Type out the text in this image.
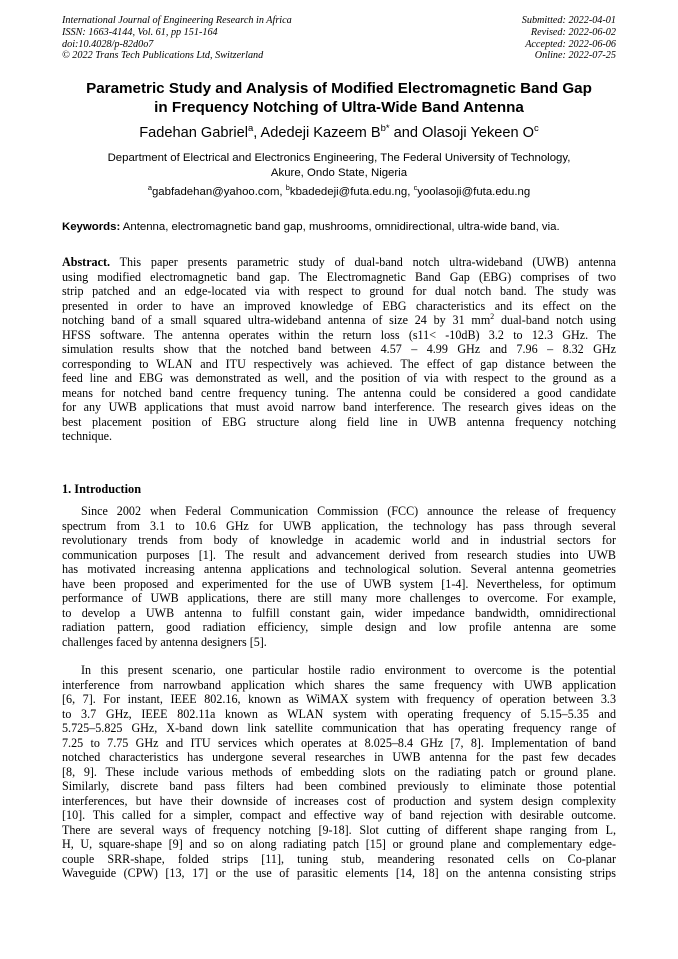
International Journal of Engineering Research in Africa
ISSN: 1663-4144, Vol. 61, pp 151-164
doi:10.4028/p-82d0o7
© 2022 Trans Tech Publications Ltd, Switzerland
Submitted: 2022-04-01
Revised: 2022-06-02
Accepted: 2022-06-06
Online: 2022-07-25
Parametric Study and Analysis of Modified Electromagnetic Band Gap
in Frequency Notching of Ultra-Wide Band Antenna
Fadehan Gabriel$^a$, Adedeji Kazeem $B^{b*}$ and Olasoji Yekeen $O^c$
Department of Electrical and Electronics Engineering, The Federal University of Technology,
Akure, Ondo State, Nigeria
$^a$gabfadehan@yahoo.com, $^b$kbadedeji@futa.edu.ng, $^c$yoolasoji@futa.edu.ng
Keywords: Antenna, electromagnetic band gap, mushrooms, omnidirectional, ultra-wide band, via.
Abstract. This paper presents parametric study of dual-band notch ultra-wideband (UWB) antenna
using modified electromagnetic band gap. The Electromagnetic Band Gap (EBG) comprises of two
strip patched and an edge-located via with respect to ground for dual notch band. The study was
presented in order to have an improved knowledge of EBG characteristics and its effect on the
notching band of a small squared ultra-wideband antenna of size 24 by 31 $mm^2$ dual-band notch using
HFSS software. The antenna operates within the return loss (s11< -10dB) 3.2 to 12.3 GHz. The
simulation results show that the notched band between 4.57 – 4.99 GHz and 7.96 – 8.32 GHz
corresponding to WLAN and ITU respectively was achieved. The effect of gap distance between the
feed line and EBG was demonstrated as well, and the position of via with respect to the ground as a
means for notched band centre frequency tuning. The antenna could be considered a good candidate
for any UWB applications that must avoid narrow band interference. The research gives ideas on the
best placement position of EBG structure along field line in UWB antenna frequency notching
technique.
1. Introduction
Since 2002 when Federal Communication Commission (FCC) announce the release of frequency
spectrum from 3.1 to 10.6 GHz for UWB application, the technology has pass through several
revolutionary trends from body of knowledge in academic world and in industrial sectors for
communication purposes [1]. The result and advancement derived from research studies into UWB
has motivated increasing antenna applications and technological solution. Several antenna geometries
have been proposed and experimented for the use of UWB system [1-4]. Nevertheless, for optimum
performance of UWB applications, there are still many more challenges to overcome. For example,
to develop a UWB antenna to fulfill constant gain, wider impedance bandwidth, omnidirectional
radiation pattern, good radiation efficiency, simple design and low profile antenna are some
challenges faced by antenna designers [5].
In this present scenario, one particular hostile radio environment to overcome is the potential
interference from narrowband application which shares the same frequency with UWB application
[6, 7]. For instant, IEEE 802.16, known as WiMAX system with frequency of operation between 3.3
to 3.7 GHz, IEEE 802.11a known as WLAN system with operating frequency of 5.15–5.35 and
5.725–5.825 GHz, X-band down link satellite communication that has operating frequency range of
7.25 to 7.75 GHz and ITU services which operates at 8.025–8.4 GHz [7, 8]. Implementation of band
notched characteristics has undergone several researches in UWB antenna for the past few decades
[8, 9]. These include various methods of embedding slots on the radiating patch or ground plane.
Similarly, discrete band pass filters had been combined previously to eliminate those potential
interferences, but have their downside of increases cost of production and system design complexity
[10]. This called for a simpler, compact and effective way of band rejection with desirable outcome.
There are several ways of frequency notching [9-18]. Slot cutting of different shape ranging from L,
H, U, square-shape [9] and so on along radiating patch [15] or ground plane and complementary edge-
couple SRR-shape, folded strips [11], tuning stub, meandering resonated cells on Co-planar
Waveguide (CPW) [13, 17] or the use of parasitic elements [14, 18] on the antenna consisting strips
